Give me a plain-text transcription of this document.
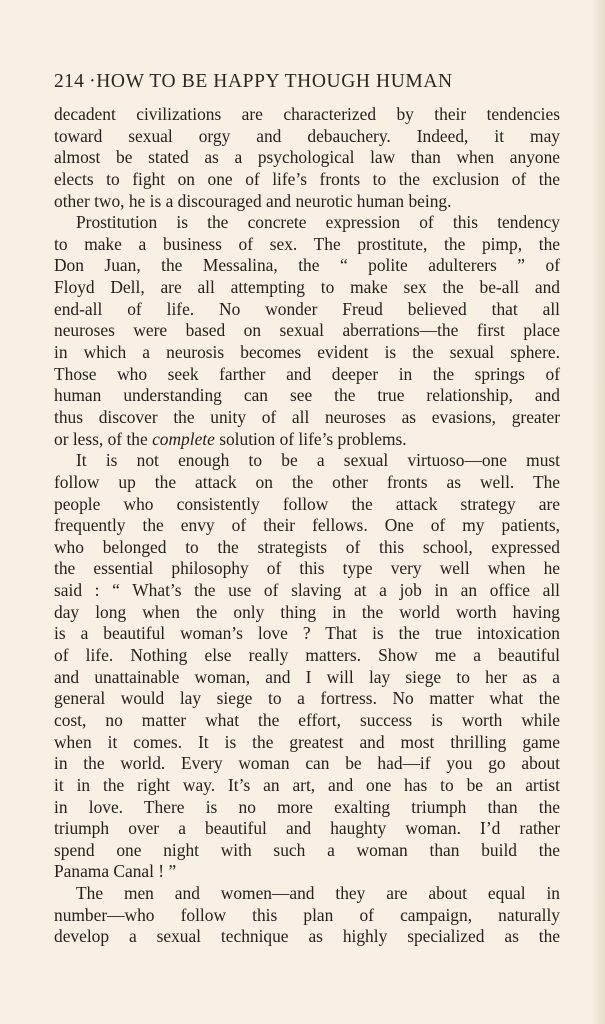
214 ·HOW TO BE HAPPY THOUGH HUMAN
decadent civilizations are characterized by their tendencies
toward sexual orgy and debauchery. Indeed, it may
almost be stated as a psychological law than when anyone
elects to fight on one of life’s fronts to the exclusion of the
other two, he is a discouraged and neurotic human being.
Prostitution is the concrete expression of this tendency
to make a business of sex. The prostitute, the pimp, the
Don Juan, the Messalina, the “ polite adulterers ” of
Floyd Dell, are all attempting to make sex the be-all and
end-all of life. No wonder Freud believed that all
neuroses were based on sexual aberrations—the first place
in which a neurosis becomes evident is the sexual sphere.
Those who seek farther and deeper in the springs of
human understanding can see the true relationship, and
thus discover the unity of all neuroses as evasions, greater
or less, of the complete solution of life’s problems.
It is not enough to be a sexual virtuoso—one must
follow up the attack on the other fronts as well. The
people who consistently follow the attack strategy are
frequently the envy of their fellows. One of my patients,
who belonged to the strategists of this school, expressed
the essential philosophy of this type very well when he
said : “ What’s the use of slaving at a job in an office all
day long when the only thing in the world worth having
is a beautiful woman’s love ? That is the true intoxication
of life. Nothing else really matters. Show me a beautiful
and unattainable woman, and I will lay siege to her as a
general would lay siege to a fortress. No matter what the
cost, no matter what the effort, success is worth while
when it comes. It is the greatest and most thrilling game
in the world. Every woman can be had—if you go about
it in the right way. It’s an art, and one has to be an artist
in love. There is no more exalting triumph than the
triumph over a beautiful and haughty woman. I’d rather
spend one night with such a woman than build the
Panama Canal ! ”
The men and women—and they are about equal in
number—who follow this plan of campaign, naturally
develop a sexual technique as highly specialized as the
